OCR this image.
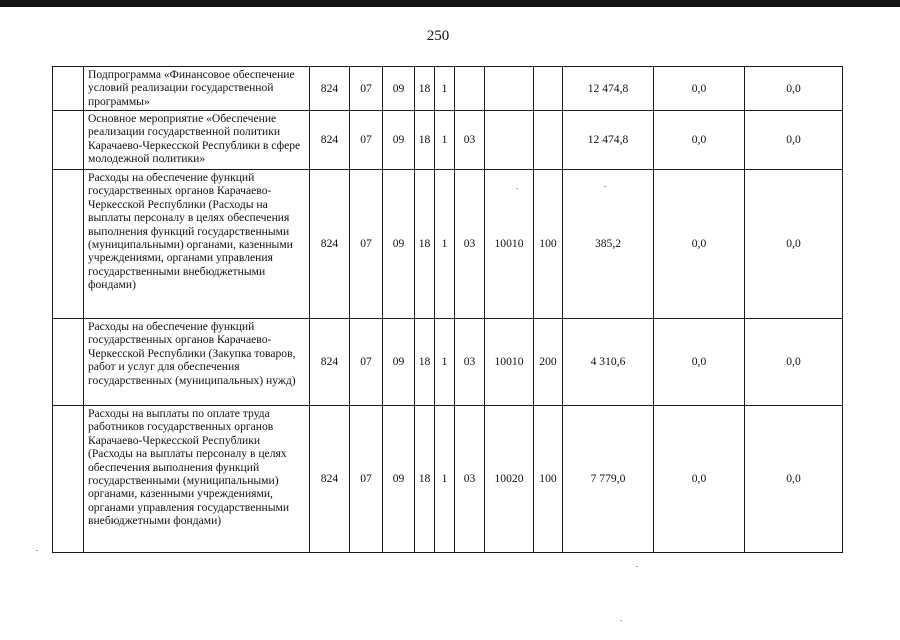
250
	Подпрограмма «Финансовое обеспечение условий реализации государственной программы»	824	07	09	18	1				12 474,8	0,0	0,0
	Основное мероприятие «Обеспечение реализации государственной политики Карачаево-Черкесской Республики в сфере молодежной политики»	824	07	09	18	1	03			12 474,8	0,0	0,0
	Расходы на обеспечение функций государственных органов Карачаево-Черкесской Республики (Расходы на выплаты персоналу в целях обеспечения выполнения функций государственными (муниципальными) органами, казенными учреждениями, органами управления государственными внебюджетными фондами)	824	07	09	18	1	03	10010	100	385,2	0,0	0,0
	Расходы на обеспечение функций государственных органов Карачаево-Черкесской Республики (Закупка товаров, работ и услуг для обеспечения государственных (муниципальных) нужд)	824	07	09	18	1	03	10010	200	4 310,6	0,0	0,0
	Расходы на выплаты по оплате труда работников государственных органов Карачаево-Черкесской Республики (Расходы на выплаты персоналу в целях обеспечения выполнения функций государственными (муниципальными) органами, казенными учреждениями, органами управления государственными внебюджетными фондами)	824	07	09	18	1	03	10020	100	7 779,0	0,0	0,0
